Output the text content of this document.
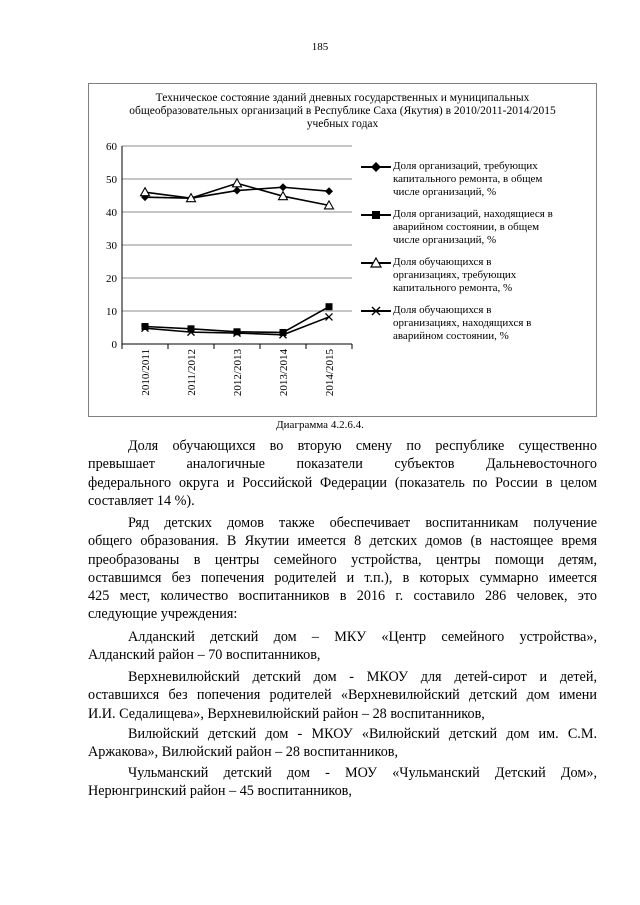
185
Техническое состояние зданий дневных государственных и муниципальных
общеобразовательных организаций в Республике Саха (Якутия) в 2010/2011-2014/2015
учебных годах
0
10
20
30
40
50
60
2010/2011	2011/2012	2012/2013	2013/2014	2014/2015
Доля организаций, требующих
капитального ремонта, в общем
числе организаций, %
Доля организаций, находящиеся в
аварийном состоянии, в общем
числе организаций, %
Доля обучающихся в
организациях, требующих
капитального ремонта, %
Доля обучающихся в
организациях, находящихся в
аварийном состоянии, %
Диаграмма 4.2.6.4.

Доля обучающихся во вторую смену по республике существенно

превышает аналогичные показатели субъектов Дальневосточного

федерального округа и Российской Федерации (показатель по России в целом

составляет 14 %).

Ряд детских домов также обеспечивает воспитанникам получение

общего образования. В Якутии имеется 8 детских домов (в настоящее время

преобразованы в центры семейного устройства, центры помощи детям,

оставшимся без попечения родителей и т.п.), в которых суммарно имеется

425 мест, количество воспитанников в 2016 г. составило 286 человек, это

следующие учреждения:

Алданский детский дом – МКУ «Центр семейного устройства»,

Алданский район – 70 воспитанников,

Верхневилюйский детский дом - МКОУ для детей-сирот и детей,

оставшихся без попечения родителей «Верхневилюйский детский дом имени

И.И. Седалищева», Верхневилюйский район – 28 воспитанников,

Вилюйский детский дом - МКОУ «Вилюйский детский дом им. С.М.

Аржакова», Вилюйский район – 28 воспитанников,

Чульманский детский дом - МОУ «Чульманский Детский Дом»,

Нерюнгринский район – 45 воспитанников,
